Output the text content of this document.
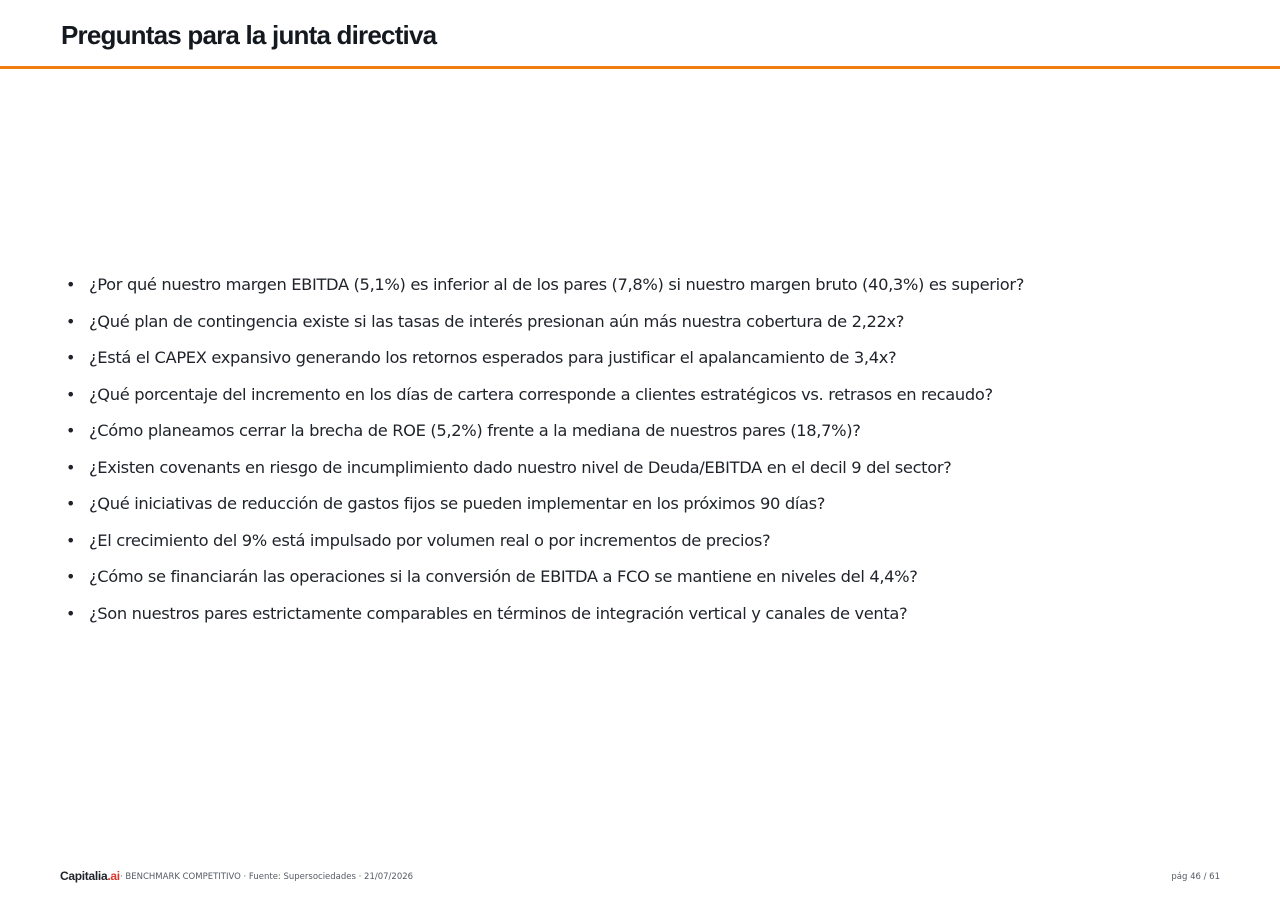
Preguntas para la junta directiva
• ¿Por qué nuestro margen EBITDA (5,1%) es inferior al de los pares (7,8%) si nuestro margen bruto (40,3%) es superior?
• ¿Qué plan de contingencia existe si las tasas de interés presionan aún más nuestra cobertura de 2,22x?
• ¿Está el CAPEX expansivo generando los retornos esperados para justificar el apalancamiento de 3,4x?
• ¿Qué porcentaje del incremento en los días de cartera corresponde a clientes estratégicos vs. retrasos en recaudo?
• ¿Cómo planeamos cerrar la brecha de ROE (5,2%) frente a la mediana de nuestros pares (18,7%)?
• ¿Existen covenants en riesgo de incumplimiento dado nuestro nivel de Deuda/EBITDA en el decil 9 del sector?
• ¿Qué iniciativas de reducción de gastos fijos se pueden implementar en los próximos 90 días?
• ¿El crecimiento del 9% está impulsado por volumen real o por incrementos de precios?
• ¿Cómo se financiarán las operaciones si la conversión de EBITDA a FCO se mantiene en niveles del 4,4%?
• ¿Son nuestros pares estrictamente comparables en términos de integración vertical y canales de venta?
Capitalia.ai · BENCHMARK COMPETITIVO · Fuente: Supersociedades · 21/07/2026	pág 46 / 61
